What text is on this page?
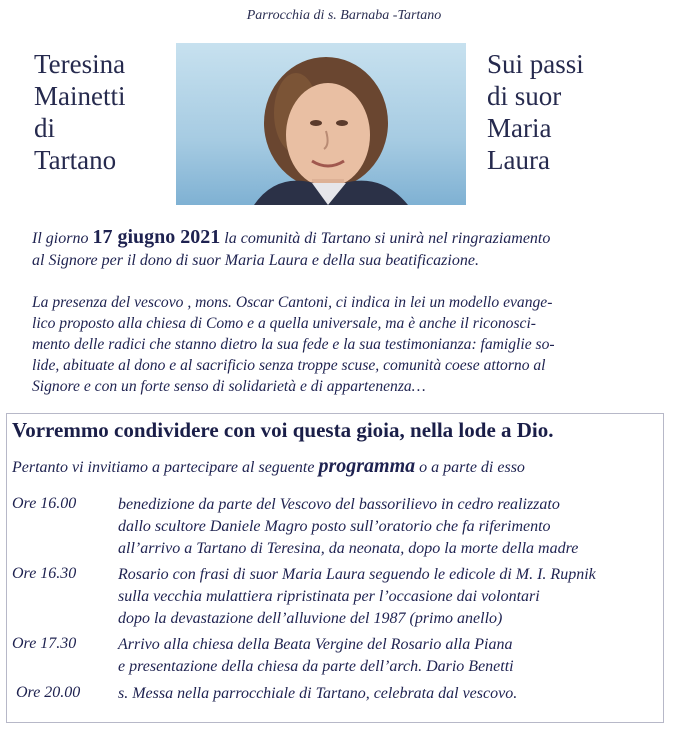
Parrocchia di s. Barnaba -Tartano
Teresina
Mainetti
di
Tartano
Sui passi
di suor
Maria
Laura
Il giorno 17 giugno 2021 la comunità di Tartano si unirà nel ringraziamento
al Signore per il dono di suor Maria Laura e della sua beatificazione.
La presenza del vescovo , mons. Oscar Cantoni, ci indica in lei un modello evange-
lico proposto alla chiesa di Como e a quella universale, ma è anche il riconosci-
mento delle radici che stanno dietro la sua fede e la sua testimonianza: famiglie so-
lide, abituate al dono e al sacrificio senza troppe scuse, comunità coese attorno al
Signore e con un forte senso di solidarietà e di appartenenza…
Vorremmo condividere con voi questa gioia, nella lode a Dio.
Pertanto vi invitiamo a partecipare al seguente programma o a parte di esso
Ore 16.00	benedizione da parte del Vescovo del bassorilievo in cedro realizzato
dallo scultore Daniele Magro posto sull’oratorio che fa riferimento
all’arrivo a Tartano di Teresina, da neonata, dopo la morte della madre
Ore 16.30	Rosario con frasi di suor Maria Laura seguendo le edicole di M. I. Rupnik
sulla vecchia mulattiera ripristinata per l’occasione dai volontari
dopo la devastazione dell’alluvione del 1987 (primo anello)
Ore 17.30	Arrivo alla chiesa della Beata Vergine del Rosario alla Piana
e presentazione della chiesa da parte dell’arch. Dario Benetti
Ore 20.00 s. Messa nella parrocchiale di Tartano, celebrata dal vescovo.
